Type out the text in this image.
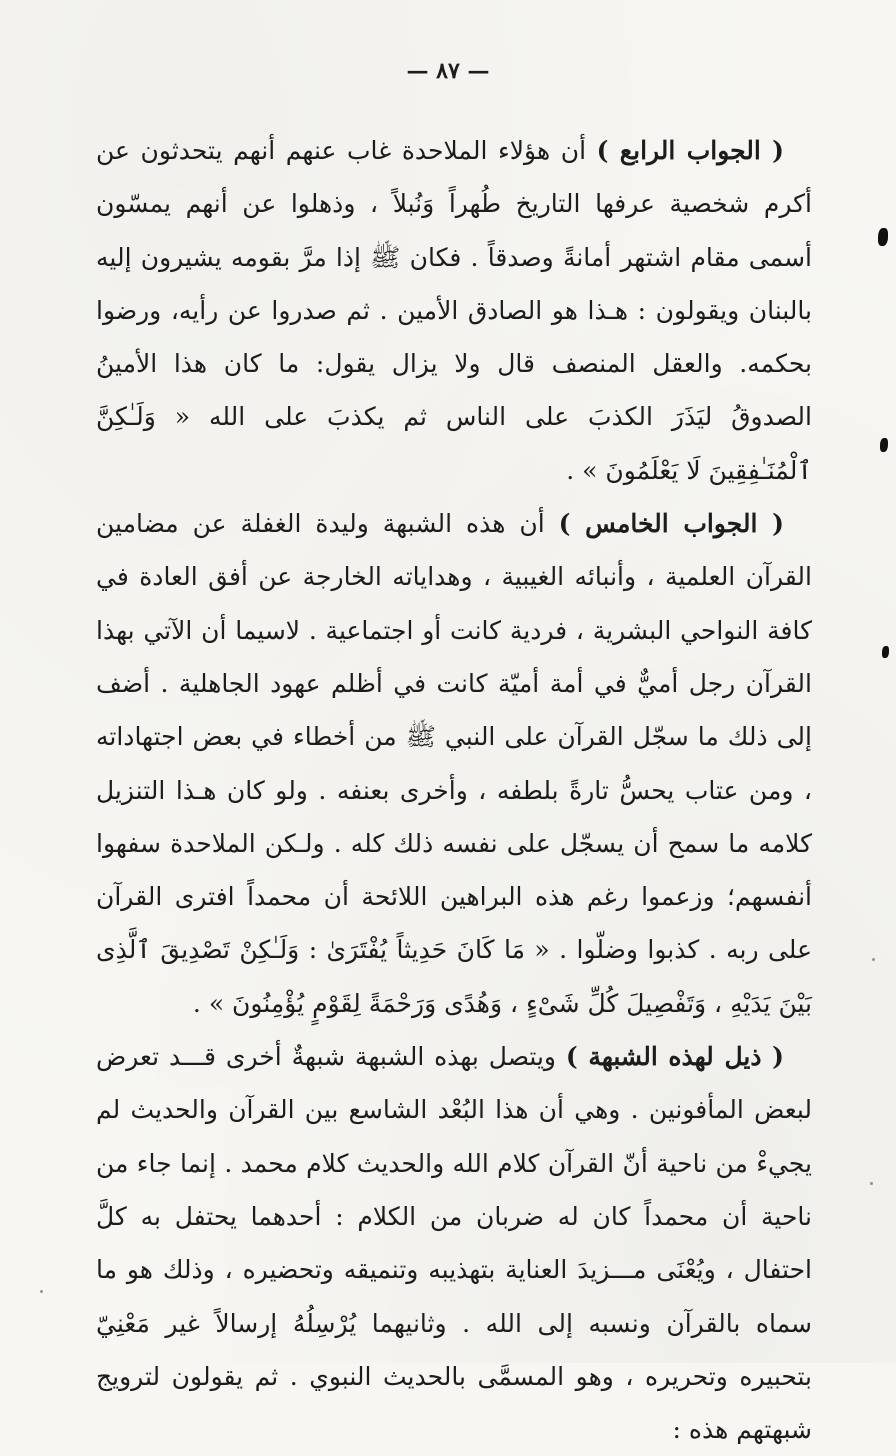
— ٨٧ —

( الجواب الرابع ) أن هؤلاء الملاحدة غاب عنهم أنهم يتحدثون عن أكرم شخصية عرفها التاريخ طُهراً وَنُبلاً ، وذهلوا عن أنهم يمسّون أسمى مقام اشتهر أمانةً وصدقاً . فكان ﷺ إذا مرَّ بقومه يشيرون إليه بالبنان ويقولون : هـذا هو الصادق الأمين . ثم صدروا عن رأيه، ورضوا بحكمه. والعقل المنصف قال ولا يزال يقول: ما كان هذا الأمينُ الصدوقُ ليَذَرَ الكذبَ على الناس ثم يكذبَ على الله « وَلَـٰكِنَّ ٱلْمُنَـٰفِقِينَ لَا يَعْلَمُونَ » .

( الجواب الخامس ) أن هذه الشبهة وليدة الغفلة عن مضامين القرآن العلمية ، وأنبائه الغيبية ، وهداياته الخارجة عن أفق العادة في كافة النواحي البشرية ، فردية كانت أو اجتماعية . لاسيما أن الآتي بهذا القرآن رجل أميٌّ في أمة أميّة كانت في أظلم عهود الجاهلية . أضف إلى ذلك ما سجّل القرآن على النبي ﷺ من أخطاء في بعض اجتهاداته ، ومن عتاب يحسُّ تارةً بلطفه ، وأخرى بعنفه . ولو كان هـذا التنزيل كلامه ما سمح أن يسجّل على نفسه ذلك كله . ولـكن الملاحدة سفهوا أنفسهم؛ وزعموا رغم هذه البراهين اللائحة أن محمداً افترى القرآن على ربه . كذبوا وضلّوا . « مَا كَانَ حَدِيثاً يُفْتَرَىٰ : وَلَـٰكِنْ تَصْدِيقَ ٱلَّذِى بَيْنَ يَدَيْهِ ، وَتَفْصِيلَ كُلِّ شَىْءٍ ، وَهُدًى وَرَحْمَةً لِقَوْمٍ يُؤْمِنُونَ » .

( ذيل لهذه الشبهة ) ويتصل بهذه الشبهة شبهةٌ أخرى قـــد تعرض لبعض المأفونين . وهي أن هذا البُعْد الشاسع بين القرآن والحديث لم يجيءْ من ناحية أنّ القرآن كلام الله والحديث كلام محمد . إنما جاء من ناحية أن محمداً كان له ضربان من الكلام : أحدهما يحتفل به كلَّ احتفال ، ويُعْنَى مـــزيدَ العناية بتهذيبه وتنميقه وتحضيره ، وذلك هو ما سماه بالقرآن ونسبه إلى الله . وثانيهما يُرْسِلُهُ إرسالاً غير مَعْنِيّ بتحبيره وتحريره ، وهو المسمَّى بالحديث النبوي . ثم يقولون لترويج شبهتهم هذه :
